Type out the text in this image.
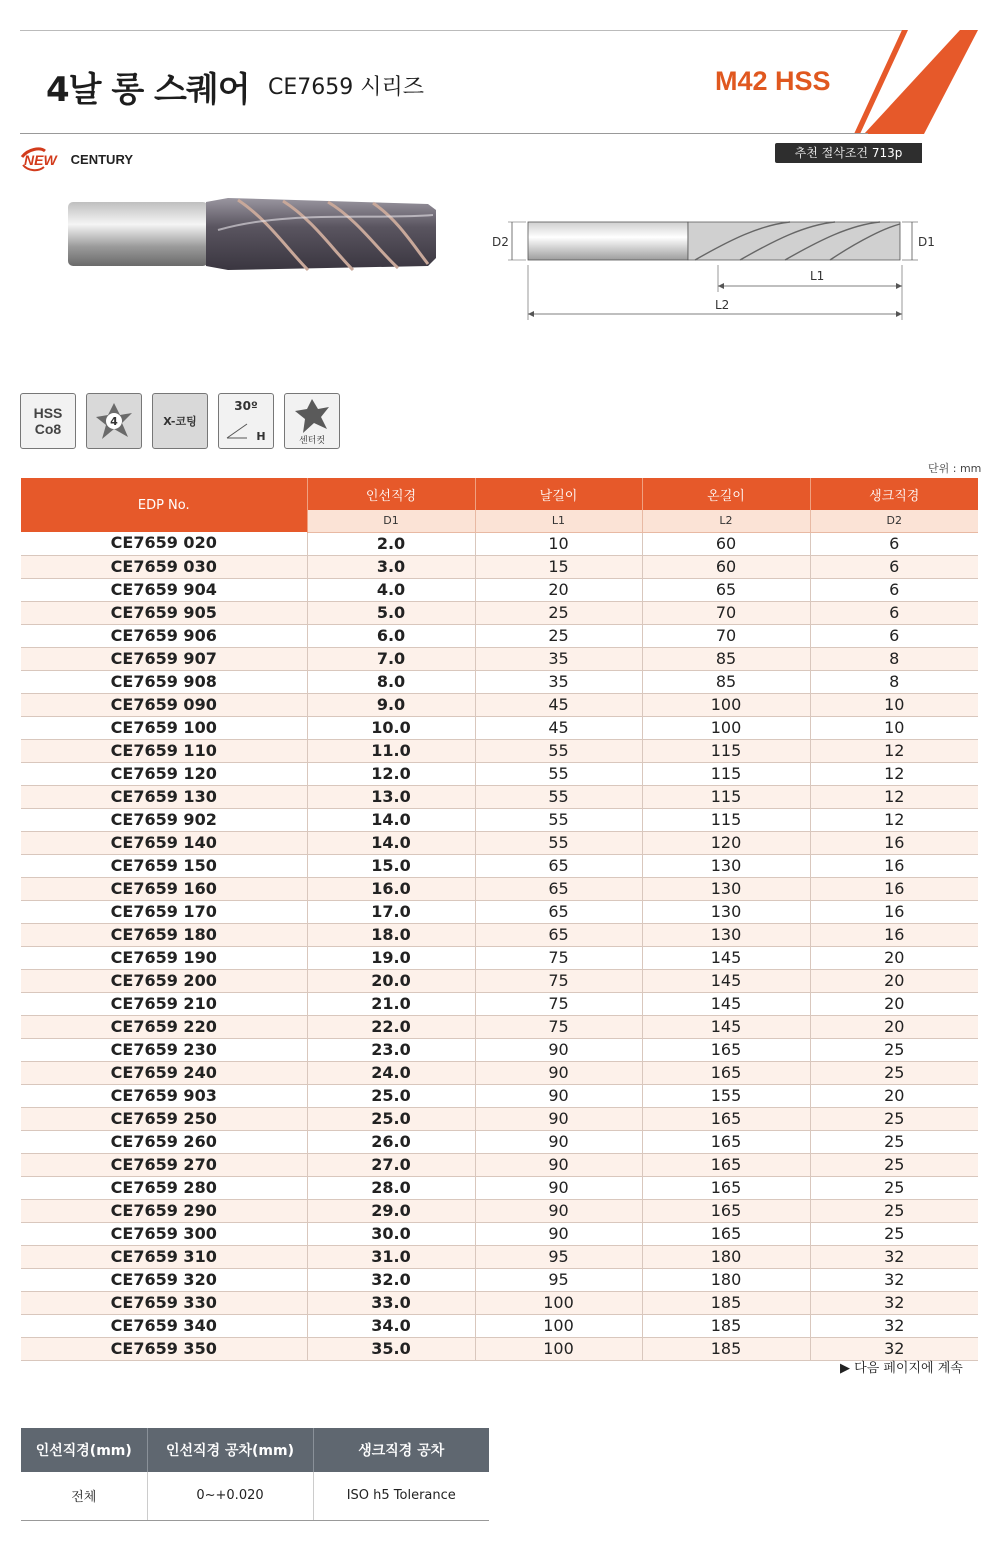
4날 롱 스퀘어 CE7659 시리즈	M42 HSS
NEW CENTURY	추천 절삭조건 713p
D2	D1
L1
L2
HSS
Co8	4	X-코팅
30º
H	센터컷
단위 : mm
EDP No.	인선직경	날길이	온길이	생크직경
	D1	L1	L2	D2
CE7659 020	2.0	10	60	6
CE7659 030	3.0	15	60	6
CE7659 904	4.0	20	65	6
CE7659 905	5.0	25	70	6
CE7659 906	6.0	25	70	6
CE7659 907	7.0	35	85	8
CE7659 908	8.0	35	85	8
CE7659 090	9.0	45	100	10
CE7659 100	10.0	45	100	10
CE7659 110	11.0	55	115	12
CE7659 120	12.0	55	115	12
CE7659 130	13.0	55	115	12
CE7659 902	14.0	55	115	12
CE7659 140	14.0	55	120	16
CE7659 150	15.0	65	130	16
CE7659 160	16.0	65	130	16
CE7659 170	17.0	65	130	16
CE7659 180	18.0	65	130	16
CE7659 190	19.0	75	145	20
CE7659 200	20.0	75	145	20
CE7659 210	21.0	75	145	20
CE7659 220	22.0	75	145	20
CE7659 230	23.0	90	165	25
CE7659 240	24.0	90	165	25
CE7659 903	25.0	90	155	20
CE7659 250	25.0	90	165	25
CE7659 260	26.0	90	165	25
CE7659 270	27.0	90	165	25
CE7659 280	28.0	90	165	25
CE7659 290	29.0	90	165	25
CE7659 300	30.0	90	165	25
CE7659 310	31.0	95	180	32
CE7659 320	32.0	95	180	32
CE7659 330	33.0	100	185	32
CE7659 340	34.0	100	185	32
CE7659 350	35.0	100	185	32
▶ 다음 페이지에 계속
인선직경(mm)	인선직경 공차(mm)	생크직경 공차
전체	0~+0.020	ISO h5 Tolerance
